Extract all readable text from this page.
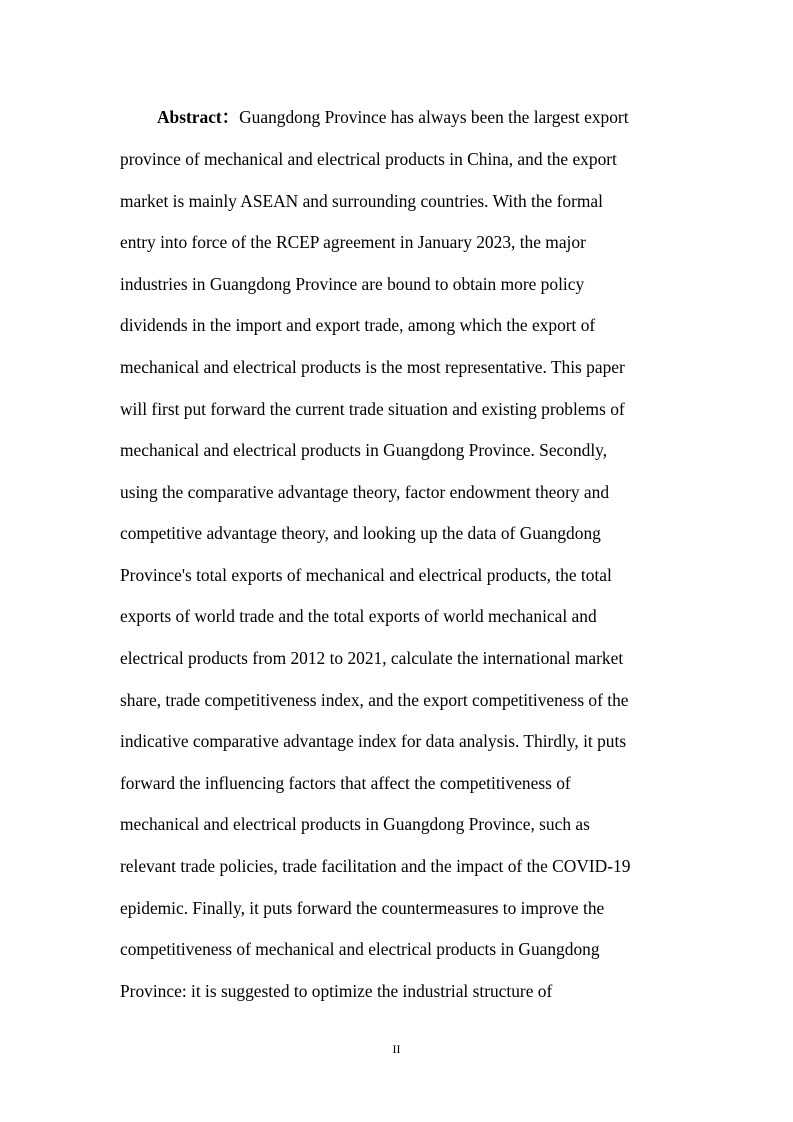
Abstract：Guangdong Province has always been the largest export
province of mechanical and electrical products in China, and the export
market is mainly ASEAN and surrounding countries. With the formal
entry into force of the RCEP agreement in January 2023, the major
industries in Guangdong Province are bound to obtain more policy
dividends in the import and export trade, among which the export of
mechanical and electrical products is the most representative. This paper
will first put forward the current trade situation and existing problems of
mechanical and electrical products in Guangdong Province. Secondly,
using the comparative advantage theory, factor endowment theory and
competitive advantage theory, and looking up the data of Guangdong
Province's total exports of mechanical and electrical products, the total
exports of world trade and the total exports of world mechanical and
electrical products from 2012 to 2021, calculate the international market
share, trade competitiveness index, and the export competitiveness of the
indicative comparative advantage index for data analysis. Thirdly, it puts
forward the influencing factors that affect the competitiveness of
mechanical and electrical products in Guangdong Province, such as
relevant trade policies, trade facilitation and the impact of the COVID-19
epidemic. Finally, it puts forward the countermeasures to improve the
competitiveness of mechanical and electrical products in Guangdong
Province: it is suggested to optimize the industrial structure of
II
